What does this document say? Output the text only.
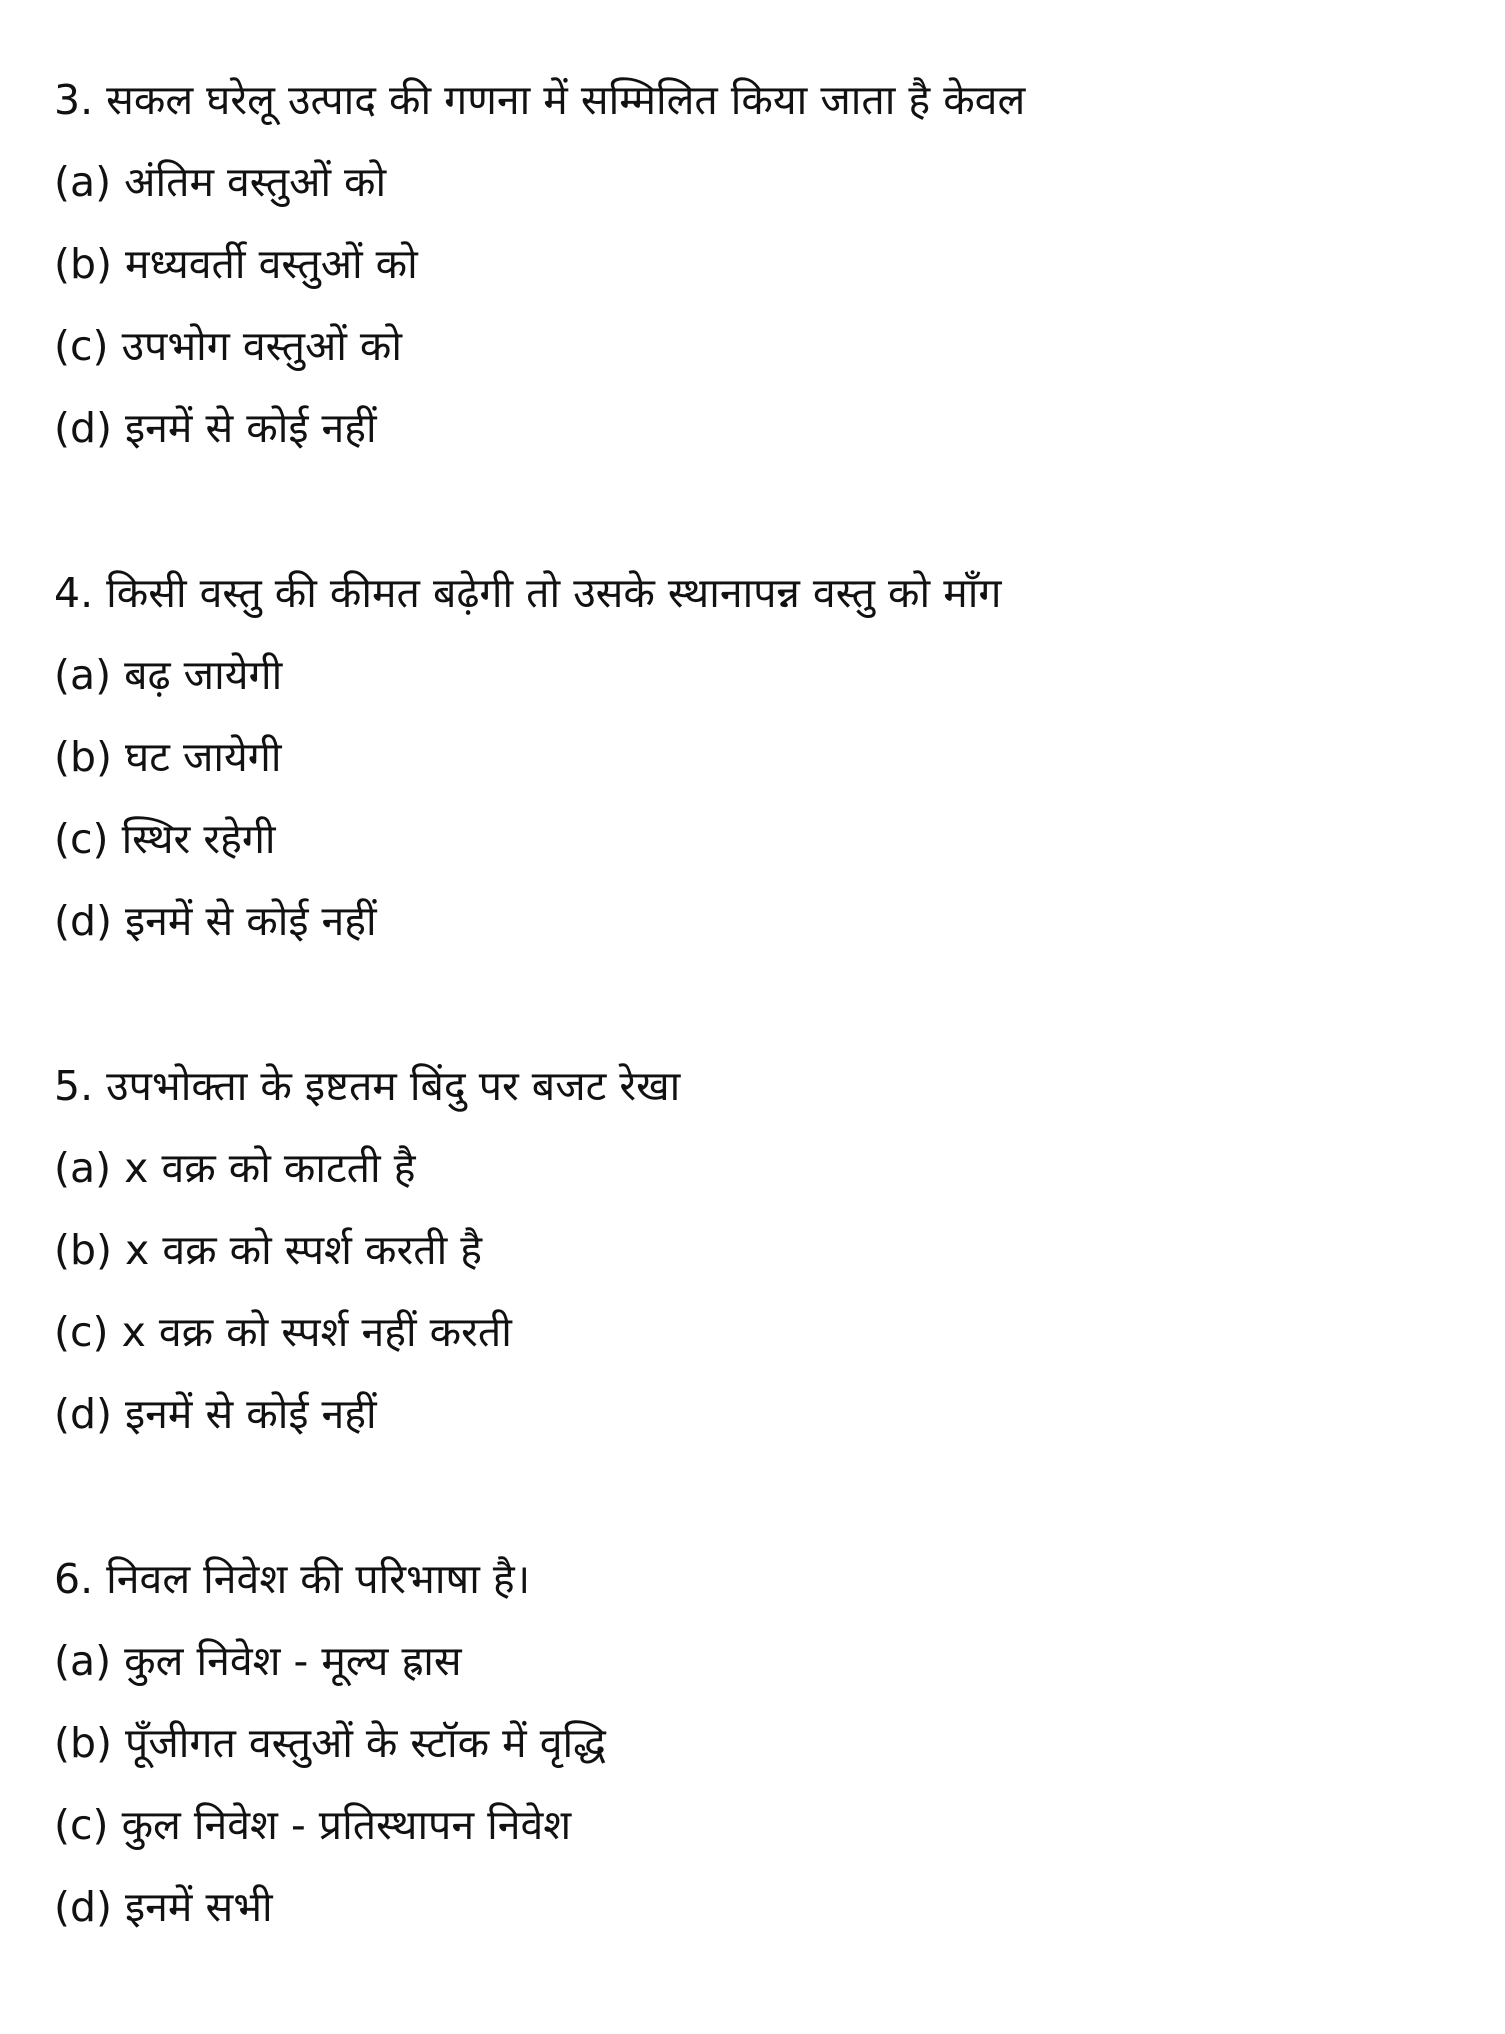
3. सकल घरेलू उत्पाद की गणना में सम्मिलित किया जाता है केवल
(a) अंतिम वस्तुओं को
(b) मध्यवर्ती वस्तुओं को
(c) उपभोग वस्तुओं को
(d) इनमें से कोई नहीं
4. किसी वस्तु की कीमत बढ़ेगी तो उसके स्थानापन्न वस्तु को माँग
(a) बढ़ जायेगी
(b) घट जायेगी
(c) स्थिर रहेगी
(d) इनमें से कोई नहीं
5. उपभोक्ता के इष्टतम बिंदु पर बजट रेखा
(a) x वक्र को काटती है
(b) x वक्र को स्पर्श करती है
(c) x वक्र को स्पर्श नहीं करती
(d) इनमें से कोई नहीं
6. निवल निवेश की परिभाषा है।
(a) कुल निवेश - मूल्य ह्रास
(b) पूँजीगत वस्तुओं के स्टॉक में वृद्धि
(c) कुल निवेश - प्रतिस्थापन निवेश
(d) इनमें सभी
